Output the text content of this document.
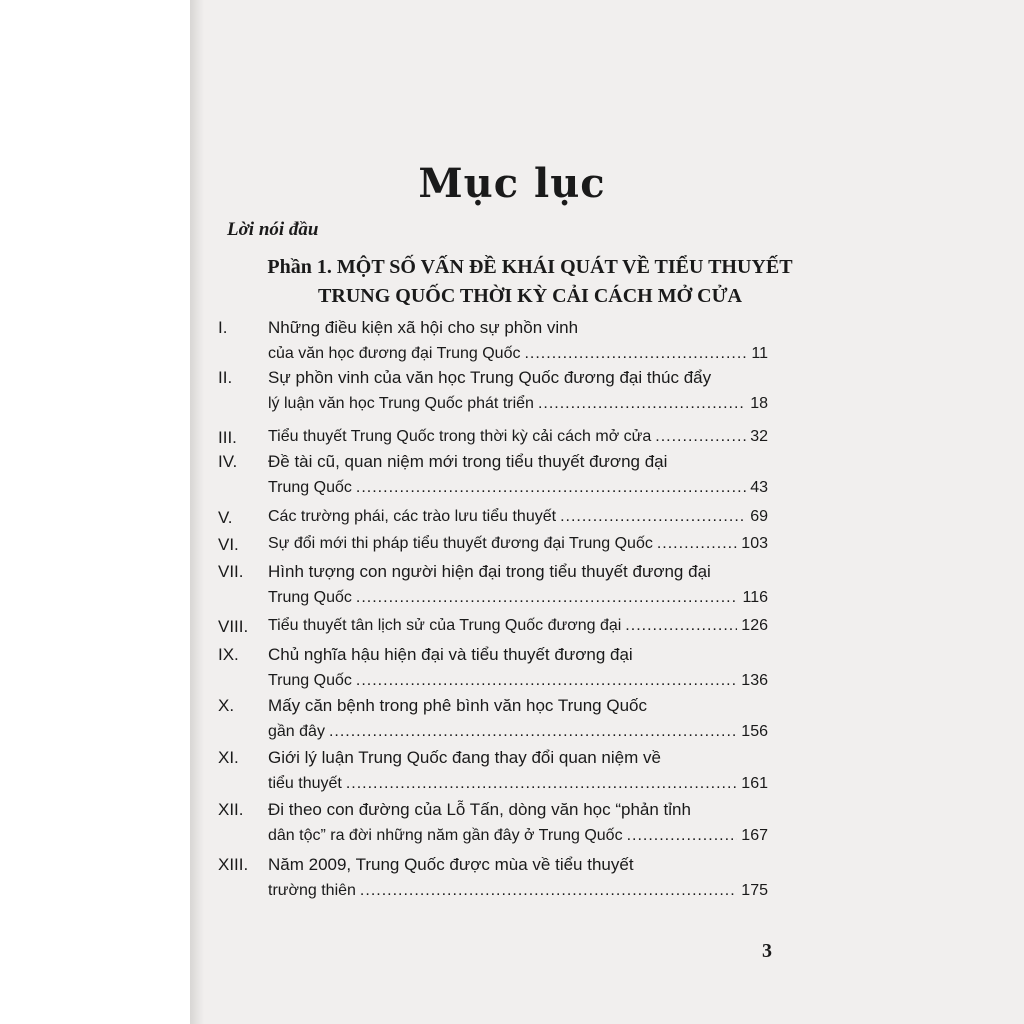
Mục lục
Lời nói đầu
Phần 1. MỘT SỐ VẤN ĐỀ KHÁI QUÁT VỀ TIỂU THUYẾT
TRUNG QUỐC THỜI KỲ CẢI CÁCH MỞ CỬA
I. Những điều kiện xã hội cho sự phồn vinh
của văn học đương đại Trung Quốc .....	11
II. Sự phồn vinh của văn học Trung Quốc đương đại thúc đẩy
lý luận văn học Trung Quốc phát triển .....	18
III. Tiểu thuyết Trung Quốc trong thời kỳ cải cách mở cửa .....	32
IV. Đề tài cũ, quan niệm mới trong tiểu thuyết đương đại
Trung Quốc .....	43
V. Các trường phái, các trào lưu tiểu thuyết .....	69
VI. Sự đổi mới thi pháp tiểu thuyết đương đại Trung Quốc .....	103
VII. Hình tượng con người hiện đại trong tiểu thuyết đương đại
Trung Quốc .....	116
VIII. Tiểu thuyết tân lịch sử của Trung Quốc đương đại .....	126
IX. Chủ nghĩa hậu hiện đại và tiểu thuyết đương đại
Trung Quốc .....	136
X. Mấy căn bệnh trong phê bình văn học Trung Quốc
gần đây .....	156
XI. Giới lý luận Trung Quốc đang thay đổi quan niệm về
tiểu thuyết .....	161
XII. Đi theo con đường của Lỗ Tấn, dòng văn học “phản tỉnh
dân tộc” ra đời những năm gần đây ở Trung Quốc .....	167
XIII. Năm 2009, Trung Quốc được mùa về tiểu thuyết
trường thiên .....	175
3
